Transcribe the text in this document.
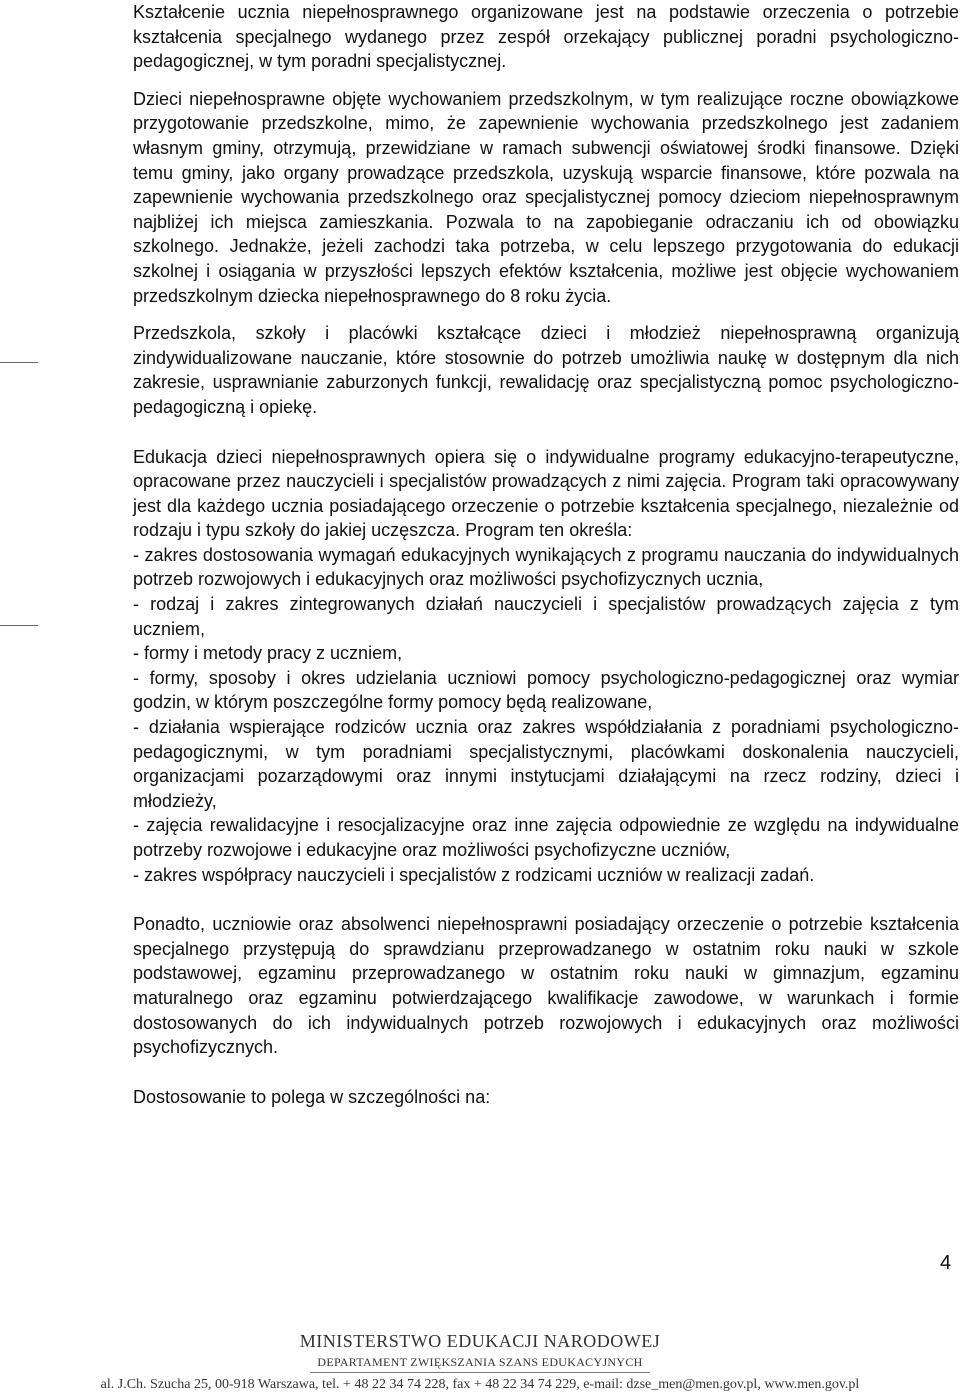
Kształcenie ucznia niepełnosprawnego organizowane jest na podstawie orzeczenia o potrzebie kształcenia specjalnego wydanego przez zespół orzekający publicznej poradni psychologiczno-pedagogicznej, w tym poradni specjalistycznej.

Dzieci niepełnosprawne objęte wychowaniem przedszkolnym, w tym realizujące roczne obowiązkowe przygotowanie przedszkolne, mimo, że zapewnienie wychowania przedszkolnego jest zadaniem własnym gminy, otrzymują, przewidziane w ramach subwencji oświatowej środki finansowe. Dzięki temu gminy, jako organy prowadzące przedszkola, uzyskują wsparcie finansowe, które pozwala na zapewnienie wychowania przedszkolnego oraz specjalistycznej pomocy dzieciom niepełnosprawnym najbliżej ich miejsca zamieszkania. Pozwala to na zapobieganie odraczaniu ich od obowiązku szkolnego. Jednakże, jeżeli zachodzi taka potrzeba, w celu lepszego przygotowania do edukacji szkolnej i osiągania w przyszłości lepszych efektów kształcenia, możliwe jest objęcie wychowaniem przedszkolnym dziecka niepełnosprawnego do 8 roku życia.

Przedszkola, szkoły i placówki kształcące dzieci i młodzież niepełnosprawną organizują zindywidualizowane nauczanie, które stosownie do potrzeb umożliwia naukę w dostępnym dla nich zakresie, usprawnianie zaburzonych funkcji, rewalidację oraz specjalistyczną pomoc psychologiczno-pedagogiczną i opiekę.

Edukacja dzieci niepełnosprawnych opiera się o indywidualne programy edukacyjno-terapeutyczne, opracowane przez nauczycieli i specjalistów prowadzących z nimi zajęcia. Program taki opracowywany jest dla każdego ucznia posiadającego orzeczenie o potrzebie kształcenia specjalnego, niezależnie od rodzaju i typu szkoły do jakiej uczęszcza. Program ten określa:

- zakres dostosowania wymagań edukacyjnych wynikających z programu nauczania do indywidualnych potrzeb rozwojowych i edukacyjnych oraz możliwości psychofizycznych ucznia,
- rodzaj i zakres zintegrowanych działań nauczycieli i specjalistów prowadzących zajęcia z tym uczniem,
- formy i metody pracy z uczniem,
- formy, sposoby i okres udzielania uczniowi pomocy psychologiczno-pedagogicznej oraz wymiar godzin, w którym poszczególne formy pomocy będą realizowane,
- działania wspierające rodziców ucznia oraz zakres współdziałania z poradniami psychologiczno-pedagogicznymi, w tym poradniami specjalistycznymi, placówkami doskonalenia nauczycieli, organizacjami pozarządowymi oraz innymi instytucjami działającymi na rzecz rodziny, dzieci i młodzieży,
- zajęcia rewalidacyjne i resocjalizacyjne oraz inne zajęcia odpowiednie ze względu na indywidualne potrzeby rozwojowe i edukacyjne oraz możliwości psychofizyczne uczniów,
- zakres współpracy nauczycieli i specjalistów z rodzicami uczniów w realizacji zadań.

Ponadto, uczniowie oraz absolwenci niepełnosprawni posiadający orzeczenie o potrzebie kształcenia specjalnego przystępują do sprawdzianu przeprowadzanego w ostatnim roku nauki w szkole podstawowej, egzaminu przeprowadzanego w ostatnim roku nauki w gimnazjum, egzaminu maturalnego oraz egzaminu potwierdzającego kwalifikacje zawodowe, w warunkach i formie dostosowanych do ich indywidualnych potrzeb rozwojowych i edukacyjnych oraz możliwości psychofizycznych.

Dostosowanie to polega w szczególności na:

4
MINISTERSTWO EDUKACJI NARODOWEJ
DEPARTAMENT ZWIĘKSZANIA SZANS EDUKACYJNYCH
al. J.Ch. Szucha 25, 00-918 Warszawa, tel. + 48 22 34 74 228, fax + 48 22 34 74 229, e-mail: dzse_men@men.gov.pl, www.men.gov.pl
